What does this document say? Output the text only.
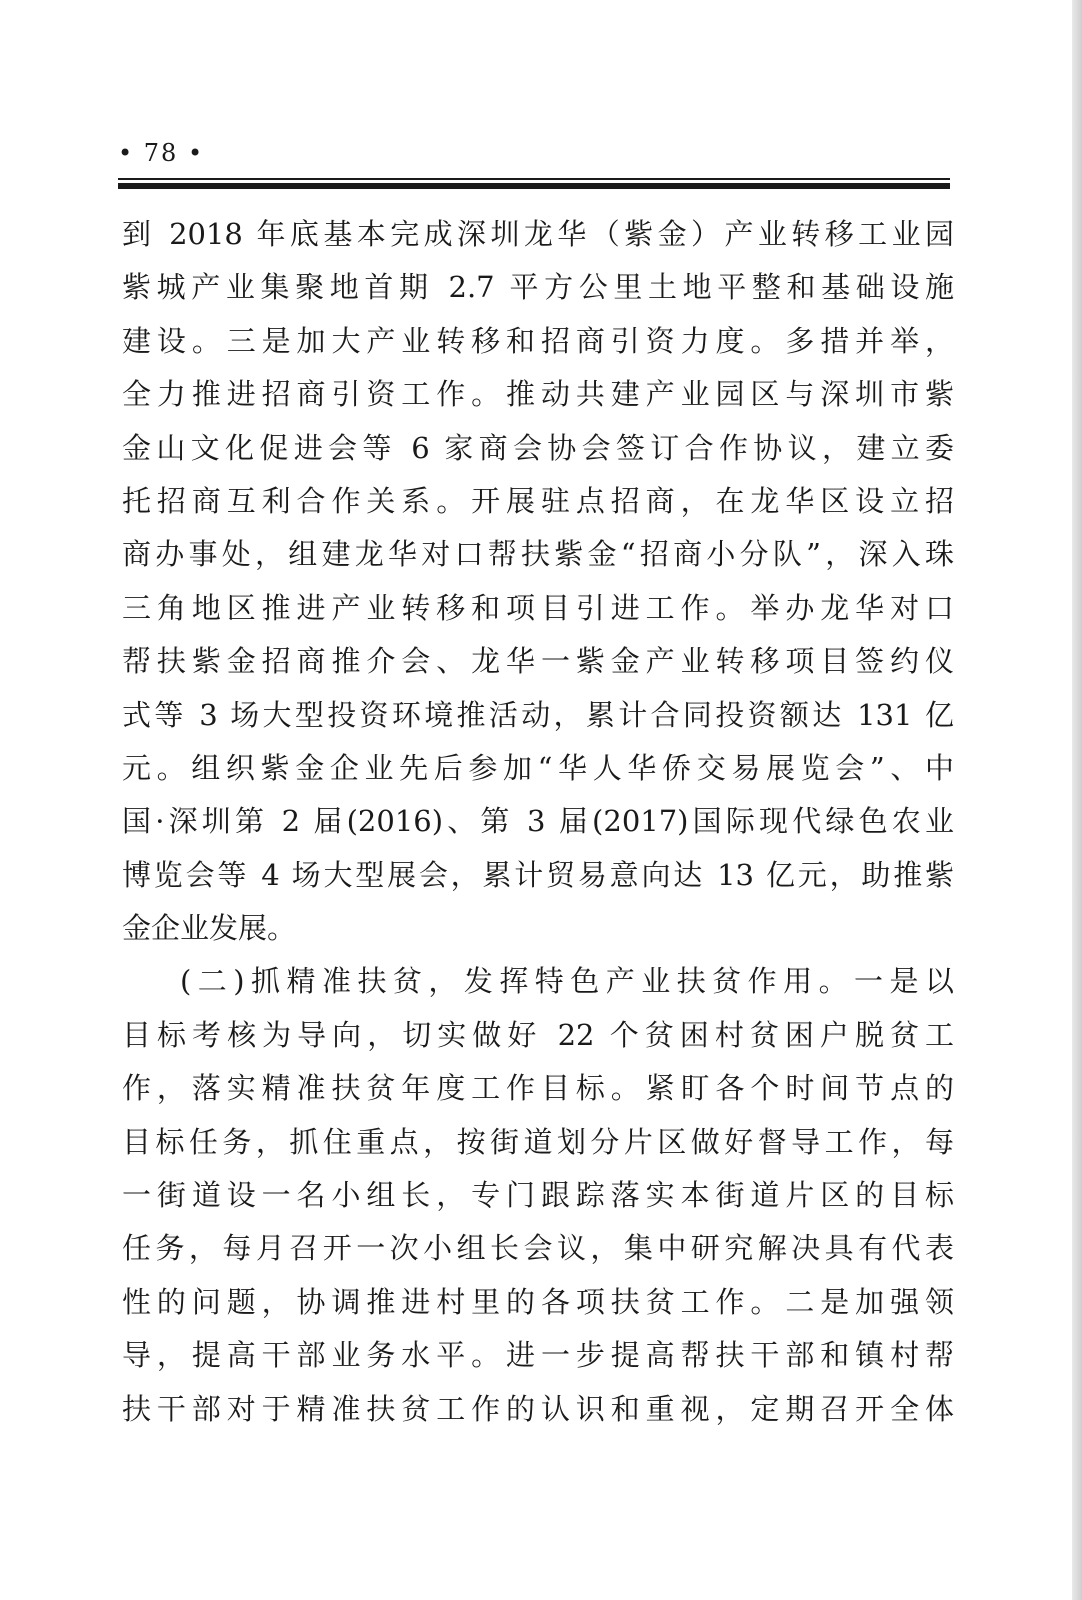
• 78 •
到 2018 年底基本完成深圳龙华（紫金）产业转移工业园
紫城产业集聚地首期 2.7 平方公里土地平整和基础设施
建设。三是加大产业转移和招商引资力度。多措并举，
全力推进招商引资工作。推动共建产业园区与深圳市紫
金山文化促进会等 6 家商会协会签订合作协议，建立委
托招商互利合作关系。开展驻点招商，在龙华区设立招
商办事处，组建龙华对口帮扶紫金“招商小分队”，深入珠
三角地区推进产业转移和项目引进工作。举办龙华对口
帮扶紫金招商推介会、龙华一紫金产业转移项目签约仪
式等 3 场大型投资环境推活动，累计合同投资额达 131 亿
元。组织紫金企业先后参加“华人华侨交易展览会”、中
国·深圳第 2 届(2016)、第 3 届(2017)国际现代绿色农业
博览会等 4 场大型展会，累计贸易意向达 13 亿元，助推紫
金企业发展。
(二)抓精准扶贫，发挥特色产业扶贫作用。一是以
目标考核为导向，切实做好 22 个贫困村贫困户脱贫工
作，落实精准扶贫年度工作目标。紧盯各个时间节点的
目标任务，抓住重点，按街道划分片区做好督导工作，每
一街道设一名小组长，专门跟踪落实本街道片区的目标
任务，每月召开一次小组长会议，集中研究解决具有代表
性的问题，协调推进村里的各项扶贫工作。二是加强领
导，提高干部业务水平。进一步提高帮扶干部和镇村帮
扶干部对于精准扶贫工作的认识和重视，定期召开全体
